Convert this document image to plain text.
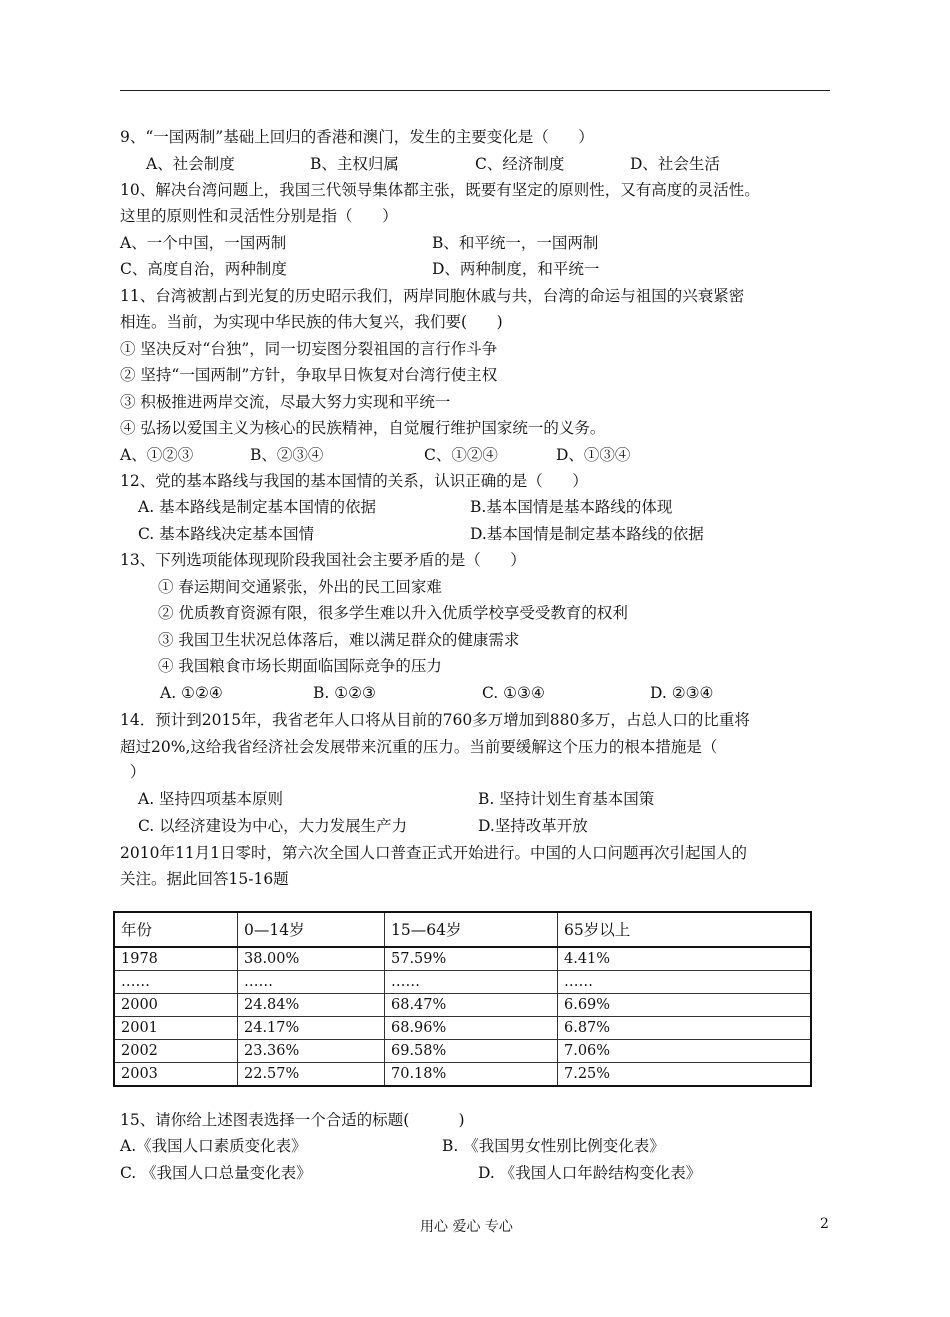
9、“一国两制”基础上回归的香港和澳门，发生的主要变化是（      ）
A、社会制度	B、主权归属	C、经济制度	D、社会生活
10、解决台湾问题上，我国三代领导集体都主张，既要有坚定的原则性，又有高度的灵活性。
这里的原则性和灵活性分别是指（      ）
A、一个中国，一国两制	B、和平统一，一国两制
C、高度自治，两种制度	D、两种制度，和平统一
11、台湾被割占到光复的历史昭示我们，两岸同胞休戚与共，台湾的命运与祖国的兴衰紧密
相连。当前，为实现中华民族的伟大复兴，我们要(      )
① 坚决反对“台独”，同一切妄图分裂祖国的言行作斗争
② 坚持“一国两制”方针，争取早日恢复对台湾行使主权
③ 积极推进两岸交流，尽最大努力实现和平统一
④ 弘扬以爱国主义为核心的民族精神，自觉履行维护国家统一的义务。
A、①②③	B、②③④	C、①②④	D、①③④
12、党的基本路线与我国的基本国情的关系，认识正确的是（      ）
A. 基本路线是制定基本国情的依据	B.基本国情是基本路线的体现
C. 基本路线决定基本国情	D.基本国情是制定基本路线的依据
13、下列选项能体现现阶段我国社会主要矛盾的是（      ）
① 春运期间交通紧张，外出的民工回家难
② 优质教育资源有限，很多学生难以升入优质学校享受受教育的权利
③ 我国卫生状况总体落后，难以满足群众的健康需求
④ 我国粮食市场长期面临国际竞争的压力
A. ①②④	B. ①②③	C. ①③④	D. ②③④
14．预计到2015年，我省老年人口将从目前的760多万增加到880多万，占总人口的比重将
超过20%,这给我省经济社会发展带来沉重的压力。当前要缓解这个压力的根本措施是（
）
A. 坚持四项基本原则	B. 坚持计划生育基本国策
C. 以经济建设为中心，大力发展生产力	D.坚持改革开放
2010年11月1日零时，第六次全国人口普查正式开始进行。中国的人口问题再次引起国人的
关注。据此回答15-16题
年份	0—14岁	15—64岁	65岁以上
1978	38.00%	57.59%	4.41%
……	……	……	……
2000	24.84%	68.47%	6.69%
2001	24.17%	68.96%	6.87%
2002	23.36%	69.58%	7.06%
2003	22.57%	70.18%	7.25%
15、请你给上述图表选择一个合适的标题(          )
A.《我国人口素质变化表》	B. 《我国男女性别比例变化表》
C. 《我国人口总量变化表》	D. 《我国人口年龄结构变化表》
用心 爱心 专心	2
